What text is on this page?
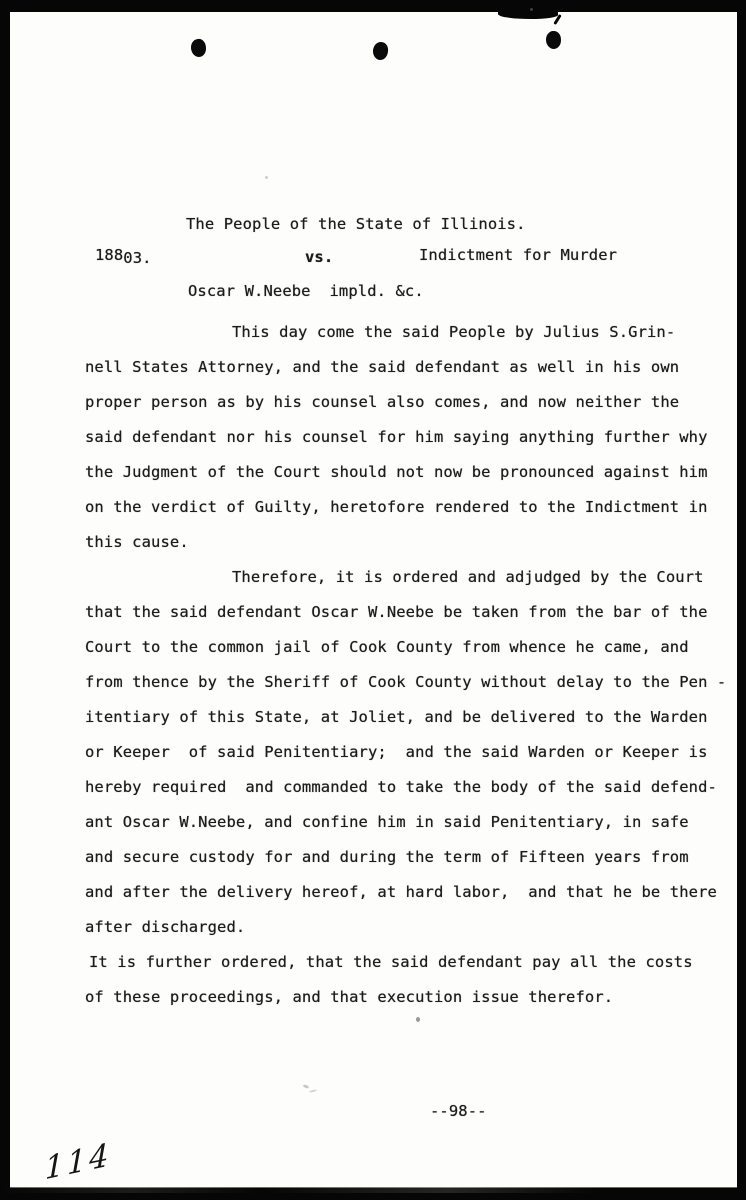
The People of the State of Illinois.
18803.	vs.	Indictment for Murder
Oscar W.Neebe  impld. &c.
This day come the said People by Julius S.Grin-
nell States Attorney, and the said defendant as well in his own
proper person as by his counsel also comes, and now neither the
said defendant nor his counsel for him saying anything further why
the Judgment of the Court should not now be pronounced against him
on the verdict of Guilty, heretofore rendered to the Indictment in
this cause.
Therefore, it is ordered and adjudged by the Court
that the said defendant Oscar W.Neebe be taken from the bar of the
Court to the common jail of Cook County from whence he came, and
from thence by the Sheriff of Cook County without delay to the Pen -
itentiary of this State, at Joliet, and be delivered to the Warden
or Keeper  of said Penitentiary;  and the said Warden or Keeper is
hereby required  and commanded to take the body of the said defend-
ant Oscar W.Neebe, and confine him in said Penitentiary, in safe
and secure custody for and during the term of Fifteen years from
and after the delivery hereof, at hard labor,  and that he be there
after discharged.
It is further ordered, that the said defendant pay all the costs
of these proceedings, and that execution issue therefor.
--98--
114
